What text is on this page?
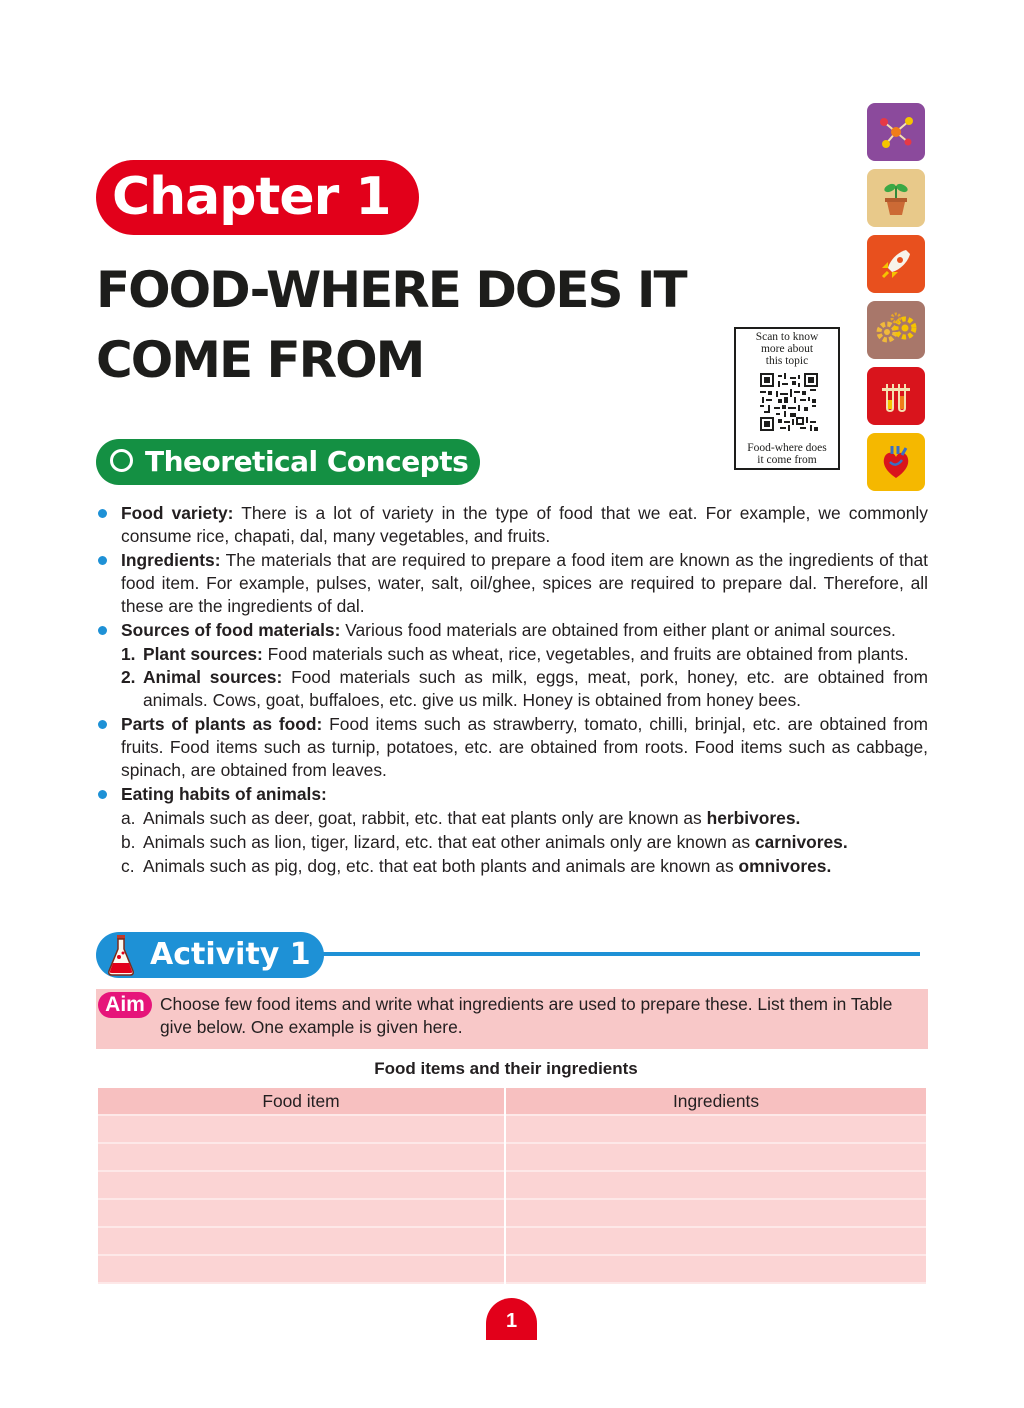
Chapter 1
FOOD-WHERE DOES IT
COME FROM	Scan to know
more about
this topic
Food-where does
it come from
Theoretical Concepts

Food variety: There is a lot of variety in the type of food that we eat. For example, we commonly consume rice, chapati, dal, many vegetables, and fruits.

Ingredients: The materials that are required to prepare a food item are known as the ingredients of that food item. For example, pulses, water, salt, oil/ghee, spices are required to prepare dal. Therefore, all these are the ingredients of dal.

Sources of food materials: Various food materials are obtained from either plant or animal sources.

1. Plant sources: Food materials such as wheat, rice, vegetables, and fruits are obtained from plants.

2. Animal sources: Food materials such as milk, eggs, meat, pork, honey, etc. are obtained from animals. Cows, goat, buffaloes, etc. give us milk. Honey is obtained from honey bees.

Parts of plants as food: Food items such as strawberry, tomato, chilli, brinjal, etc. are obtained from fruits. Food items such as turnip, potatoes, etc. are obtained from roots. Food items such as cabbage, spinach, are obtained from leaves.

Eating habits of animals:

a. Animals such as deer, goat, rabbit, etc. that eat plants only are known as herbivores.

b. Animals such as lion, tiger, lizard, etc. that eat other animals only are known as carnivores.

c. Animals such as pig, dog, etc. that eat both plants and animals are known as omnivores.

Activity 1
Aim Choose few food items and write what ingredients are used to prepare these. List them in Table give below. One example is given here.
Food items and their ingredients
Food item	Ingredients

1
